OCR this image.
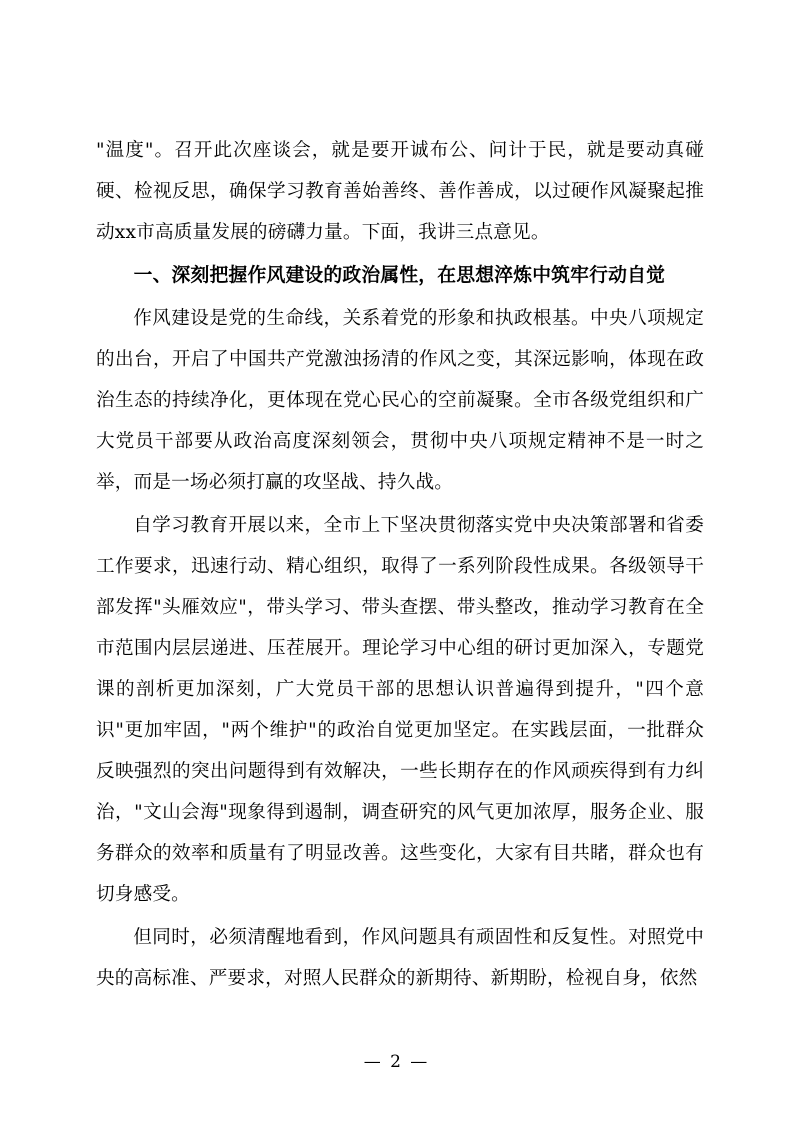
"温度"。召开此次座谈会，就是要开诚布公、问计于民，就是要动真碰硬、检视反思，确保学习教育善始善终、善作善成，以过硬作风凝聚起推动xx市高质量发展的磅礴力量。下面，我讲三点意见。

一、深刻把握作风建设的政治属性，在思想淬炼中筑牢行动自觉

作风建设是党的生命线，关系着党的形象和执政根基。中央八项规定的出台，开启了中国共产党激浊扬清的作风之变，其深远影响，体现在政治生态的持续净化，更体现在党心民心的空前凝聚。全市各级党组织和广大党员干部要从政治高度深刻领会，贯彻中央八项规定精神不是一时之举，而是一场必须打赢的攻坚战、持久战。

自学习教育开展以来，全市上下坚决贯彻落实党中央决策部署和省委工作要求，迅速行动、精心组织，取得了一系列阶段性成果。各级领导干部发挥"头雁效应"，带头学习、带头查摆、带头整改，推动学习教育在全市范围内层层递进、压茬展开。理论学习中心组的研讨更加深入，专题党课的剖析更加深刻，广大党员干部的思想认识普遍得到提升，"四个意识"更加牢固，"两个维护"的政治自觉更加坚定。在实践层面，一批群众反映强烈的突出问题得到有效解决，一些长期存在的作风顽疾得到有力纠治，"文山会海"现象得到遏制，调查研究的风气更加浓厚，服务企业、服务群众的效率和质量有了明显改善。这些变化，大家有目共睹，群众也有切身感受。

但同时，必须清醒地看到，作风问题具有顽固性和反复性。对照党中央的高标准、严要求，对照人民群众的新期待、新期盼，检视自身，依然

— 2 —
